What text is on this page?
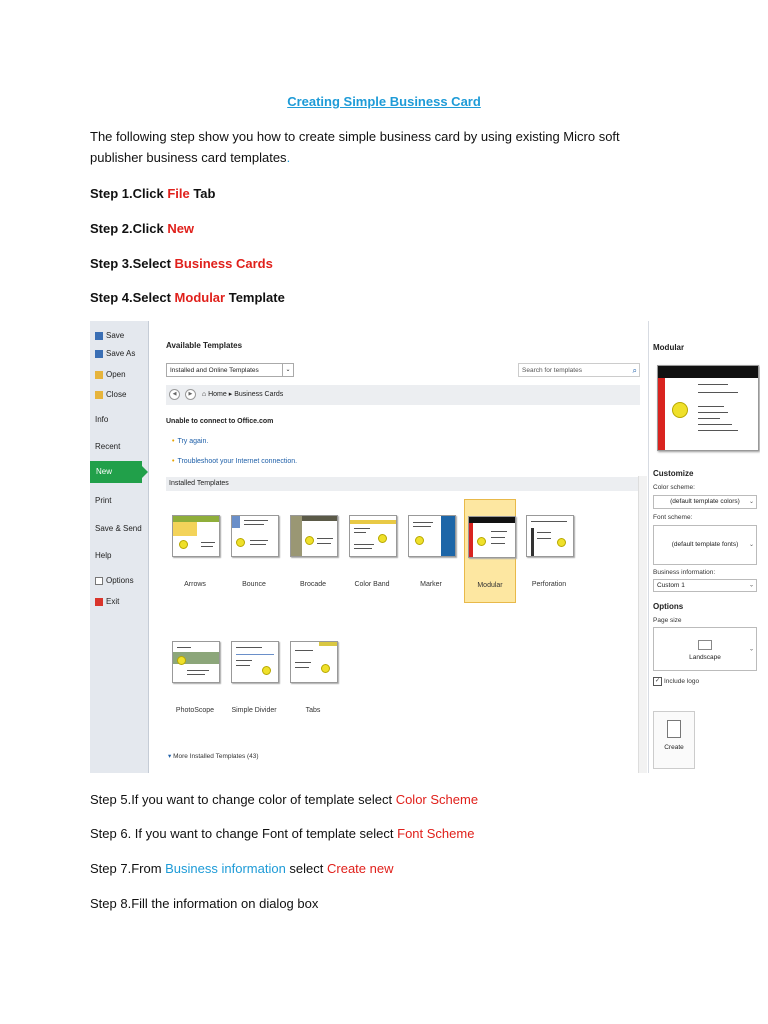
Creating Simple Business Card
The following step show you how to create simple business card by using existing Micro soft
publisher business card templates.
Step 1.Click File Tab
Step 2.Click New
Step 3.Select Business Cards
Step 4.Select Modular Template
Save
Save As
Open
Close
Info
Recent
New
Print
Save & Send
Help
Options
Exit
Available Templates
Installed and Online Templates	⌄	Search for templates	⌕
◀ ▶ ⌂ Home ▸ Business Cards
Unable to connect to Office.com
• Try again.
• Troubleshoot your Internet connection.
Installed Templates
Arrows	Bounce	Brocade	Color Band	Marker	Modular	Perforation
PhotoScope	Simple Divider	Tabs
▾ More Installed Templates (43)
Modular
Customize
Color scheme:
(default template colors) ⌄
Font scheme:
(default template fonts) ⌄
Business information:
Custom 1	⌄
Options
Page size
Landscape
⌄
✓ Include logo
Create
Step 5.If you want to change color of template select Color Scheme
Step 6. If you want to change Font of template select Font Scheme
Step 7.From Business information select Create new
Step 8.Fill the information on dialog box
